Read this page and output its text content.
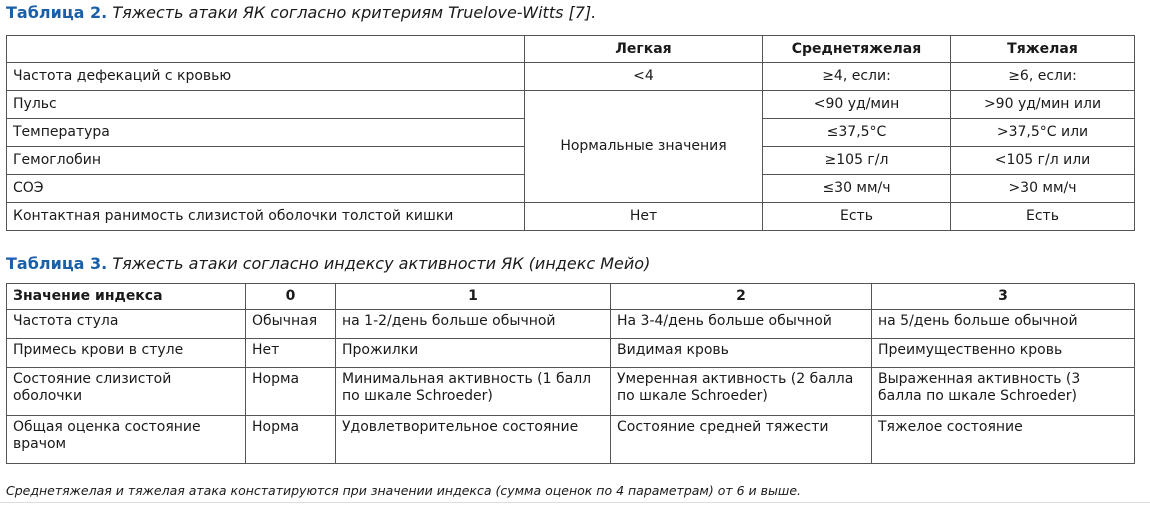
Таблица 2. Тяжесть атаки ЯК согласно критериям Truelove-Witts [7].
	Легкая	Среднетяжелая	Тяжелая
Частота дефекаций с кровью	<4	≥4, если:	≥6, если:
Пульс	Нормальные значения	<90 уд/мин	>90 уд/мин или
Температура		≤37,5°C	>37,5°C или
Гемоглобин		≥105 г/л	<105 г/л или
СОЭ		≤30 мм/ч	>30 мм/ч
Контактная ранимость слизистой оболочки толстой кишки	Нет	Есть	Есть
Таблица 3. Тяжесть атаки согласно индексу активности ЯК (индекс Мейо)
Значение индекса	0	1	2	3
Частота стула	Обычная	на 1-2/день больше обычной	На 3-4/день больше обычной	на 5/день больше обычной
Примесь крови в стуле	Нет	Прожилки	Видимая кровь	Преимущественно кровь
Состояние слизистой оболочки	Норма	Минимальная активность (1 балл по шкале Schroeder)	Умеренная активность (2 балла по шкале Schroeder)	Выраженная активность (3 балла по шкале Schroeder)
Общая оценка состояние врачом	Норма	Удовлетворительное состояние	Состояние средней тяжести	Тяжелое состояние
Среднетяжелая и тяжелая атака констатируются при значении индекса (сумма оценок по 4 параметрам) от 6 и выше.
